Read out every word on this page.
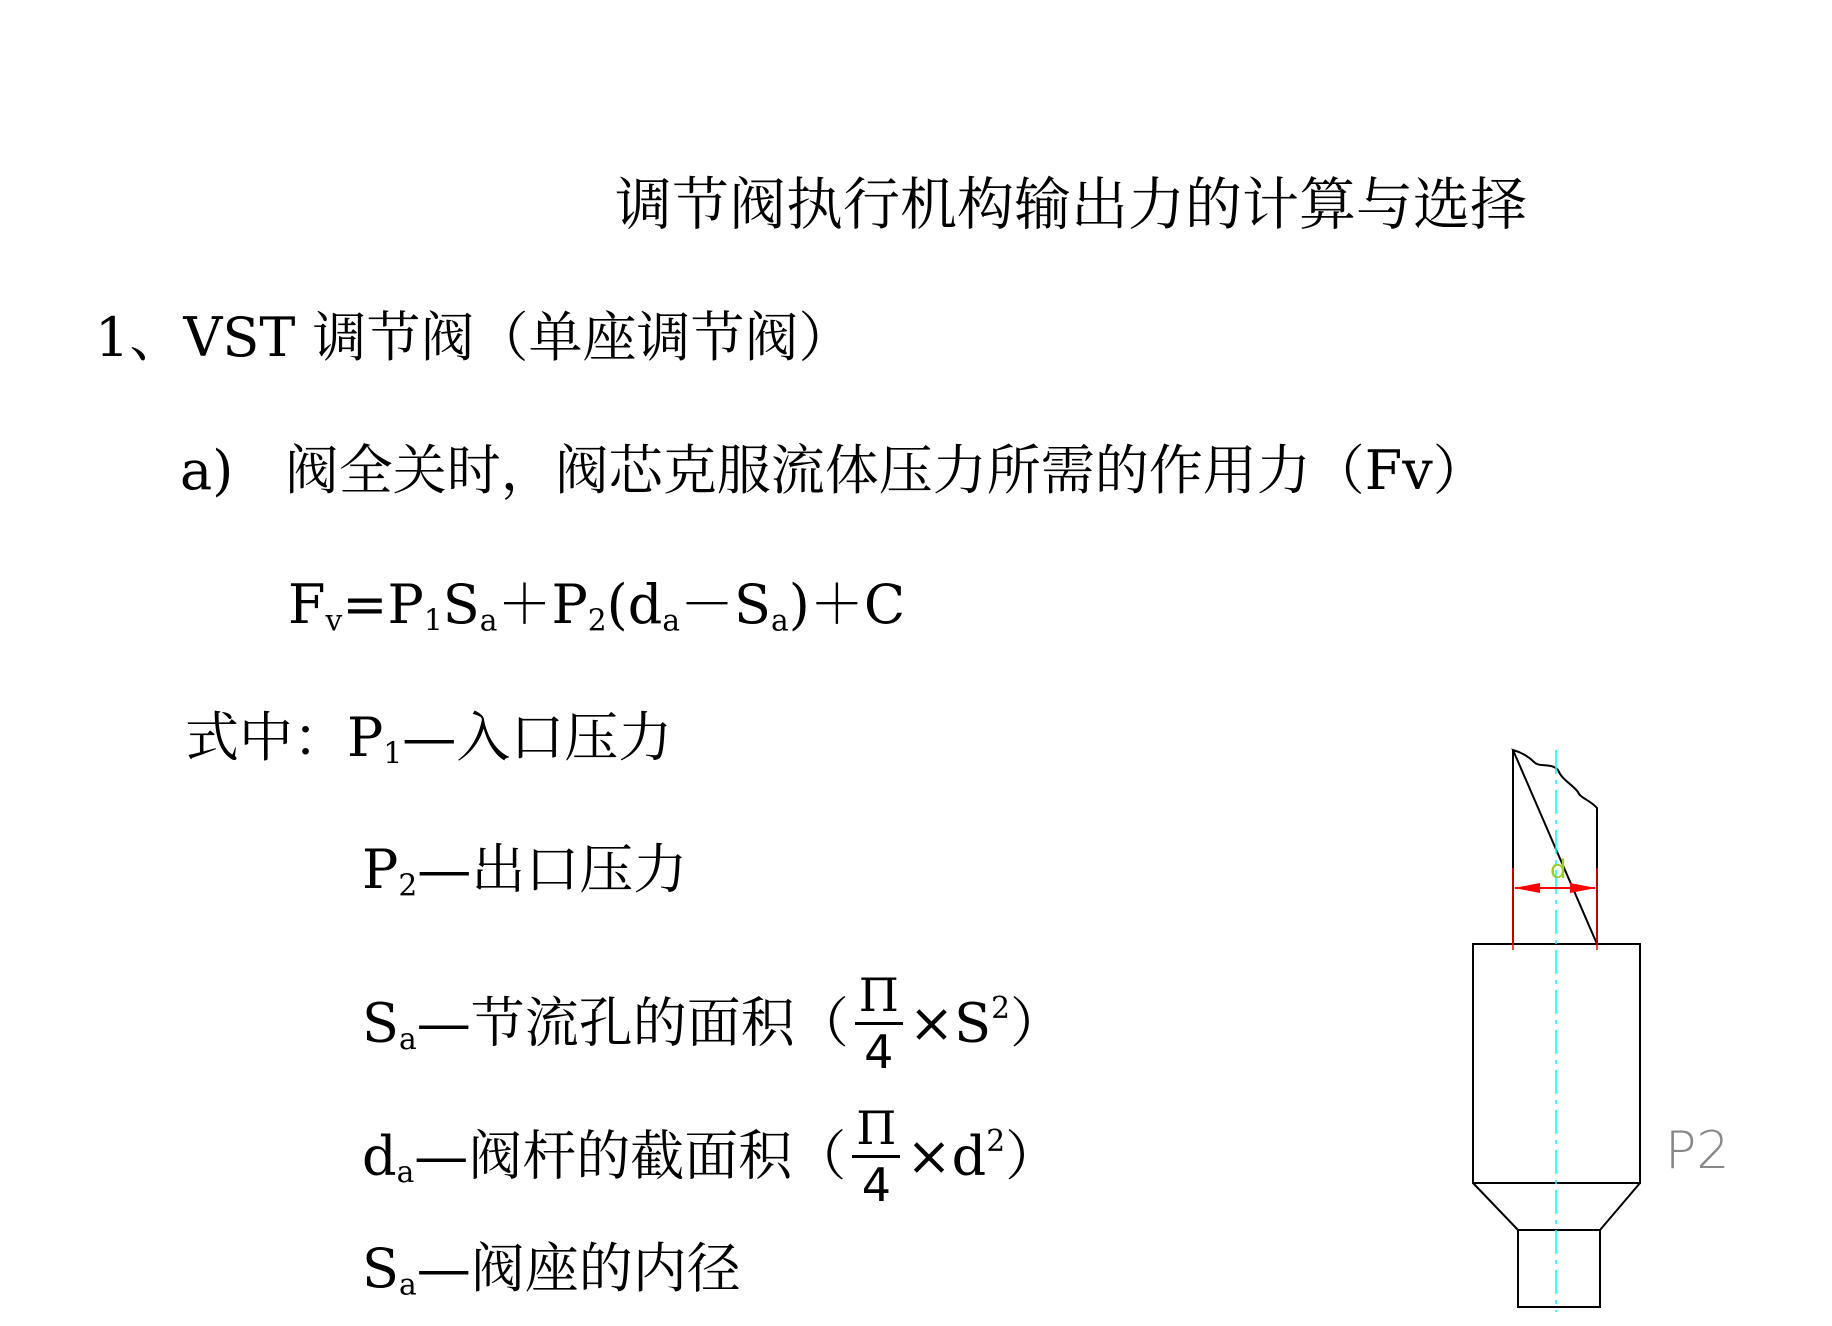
调节阀执行机构输出力的计算与选择
1、VST 调节阀（单座调节阀）
a) 阀全关时，阀芯克服流体压力所需的作用力（Fv）
$F_v=P_1S_a+P_2(d_a-S_a)+C$
式中：$P_1—$入口压力
$P_2—$出口压力
$S_a—$节流孔的面积（ $\frac{\Pi}{4} \times S^2$）
$d_a—$阀杆的截面积（ $\frac{\Pi}{4} \times d^2$）
$S_a—$阀座的内径
d
P2
